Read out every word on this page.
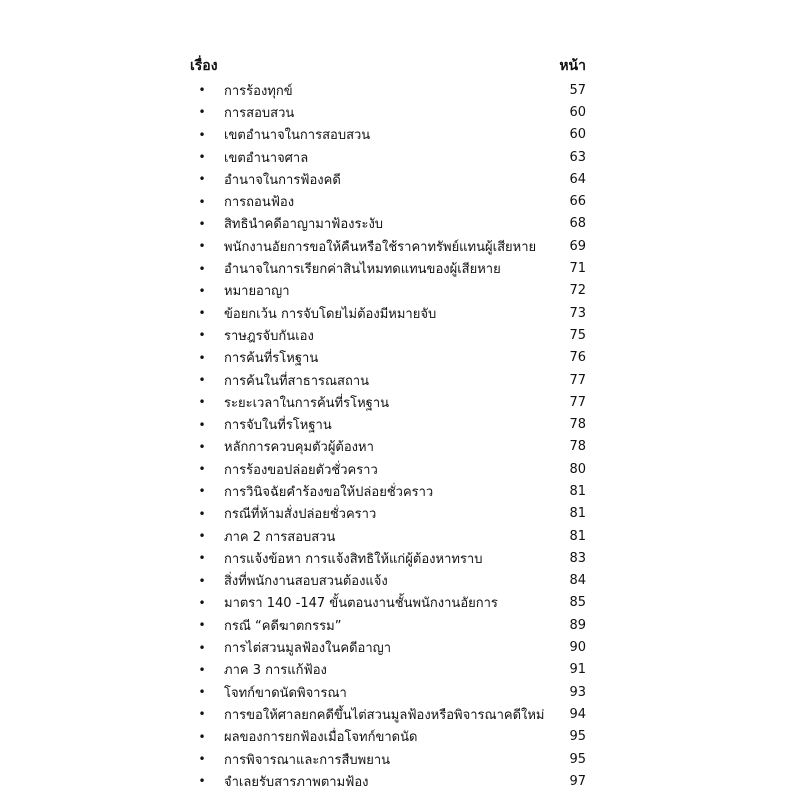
เรื่อง	หน้า
• การร้องทุกข์	57
• การสอบสวน	60
• เขตอำนาจในการสอบสวน	60
• เขตอำนาจศาล	63
• อำนาจในการฟ้องคดี	64
• การถอนฟ้อง	66
• สิทธินำคดีอาญามาฟ้องระงับ	68
• พนักงานอัยการขอให้คืนหรือใช้ราคาทรัพย์แทนผู้เสียหาย	69
• อำนาจในการเรียกค่าสินไหมทดแทนของผู้เสียหาย	71
• หมายอาญา	72
• ข้อยกเว้น การจับโดยไม่ต้องมีหมายจับ	73
• ราษฎรจับกันเอง	75
• การค้นที่รโหฐาน	76
• การค้นในที่สาธารณสถาน	77
• ระยะเวลาในการค้นที่รโหฐาน	77
• การจับในที่รโหฐาน	78
• หลักการควบคุมตัวผู้ต้องหา	78
• การร้องขอปล่อยตัวชั่วคราว	80
• การวินิจฉัยคำร้องขอให้ปล่อยชั่วคราว	81
• กรณีที่ห้ามสั่งปล่อยชั่วคราว	81
• ภาค 2 การสอบสวน	81
• การแจ้งข้อหา การแจ้งสิทธิให้แก่ผู้ต้องหาทราบ	83
• สิ่งที่พนักงานสอบสวนต้องแจ้ง	84
• มาตรา 140 -147 ขั้นตอนงานชั้นพนักงานอัยการ	85
• กรณี “คดีฆาตกรรม”	89
• การไต่สวนมูลฟ้องในคดีอาญา	90
• ภาค 3 การแก้ฟ้อง	91
• โจทก์ขาดนัดพิจารณา	93
• การขอให้ศาลยกคดีขึ้นไต่สวนมูลฟ้องหรือพิจารณาคดีใหม่	94
• ผลของการยกฟ้องเมื่อโจทก์ขาดนัด	95
• การพิจารณาและการสืบพยาน	95
• จำเลยรับสารภาพตามฟ้อง	97
